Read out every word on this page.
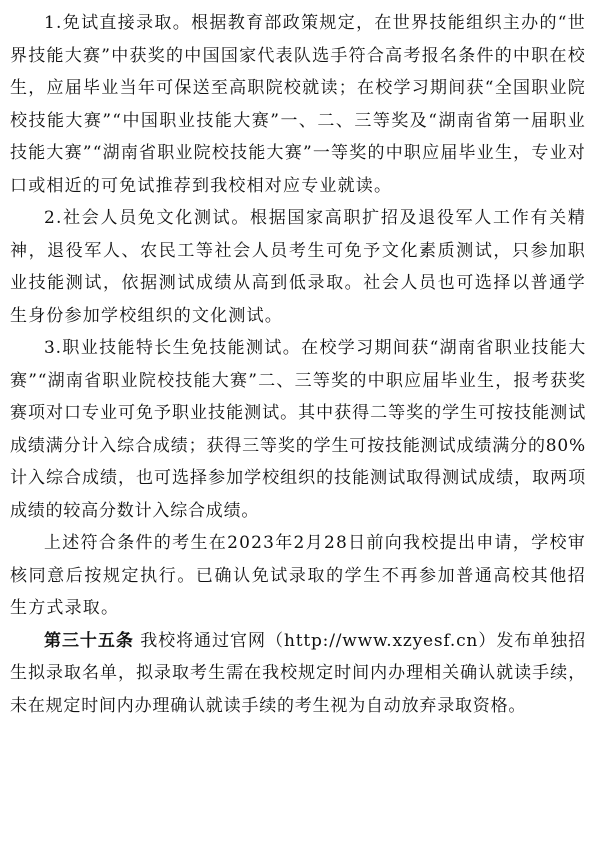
1.免试直接录取。根据教育部政策规定，在世界技能组织主办的“世界技能大赛”中获奖的中国国家代表队选手符合高考报名条件的中职在校生，应届毕业当年可保送至高职院校就读；在校学习期间获“全国职业院校技能大赛”“中国职业技能大赛”一、二、三等奖及“湖南省第一届职业技能大赛”“湖南省职业院校技能大赛”一等奖的中职应届毕业生，专业对口或相近的可免试推荐到我校相对应专业就读。

2.社会人员免文化测试。根据国家高职扩招及退役军人工作有关精神，退役军人、农民工等社会人员考生可免予文化素质测试，只参加职业技能测试，依据测试成绩从高到低录取。社会人员也可选择以普通学生身份参加学校组织的文化测试。

3.职业技能特长生免技能测试。在校学习期间获“湖南省职业技能大赛”“湖南省职业院校技能大赛”二、三等奖的中职应届毕业生，报考获奖赛项对口专业可免予职业技能测试。其中获得二等奖的学生可按技能测试成绩满分计入综合成绩；获得三等奖的学生可按技能测试成绩满分的80%计入综合成绩，也可选择参加学校组织的技能测试取得测试成绩，取两项成绩的较高分数计入综合成绩。

上述符合条件的考生在2023年2月28日前向我校提出申请，学校审核同意后按规定执行。已确认免试录取的学生不再参加普通高校其他招生方式录取。

第三十五条 我校将通过官网（http://www.xzyesf.cn）发布单独招生拟录取名单，拟录取考生需在我校规定时间内办理相关确认就读手续，未在规定时间内办理确认就读手续的考生视为自动放弃录取资格。
